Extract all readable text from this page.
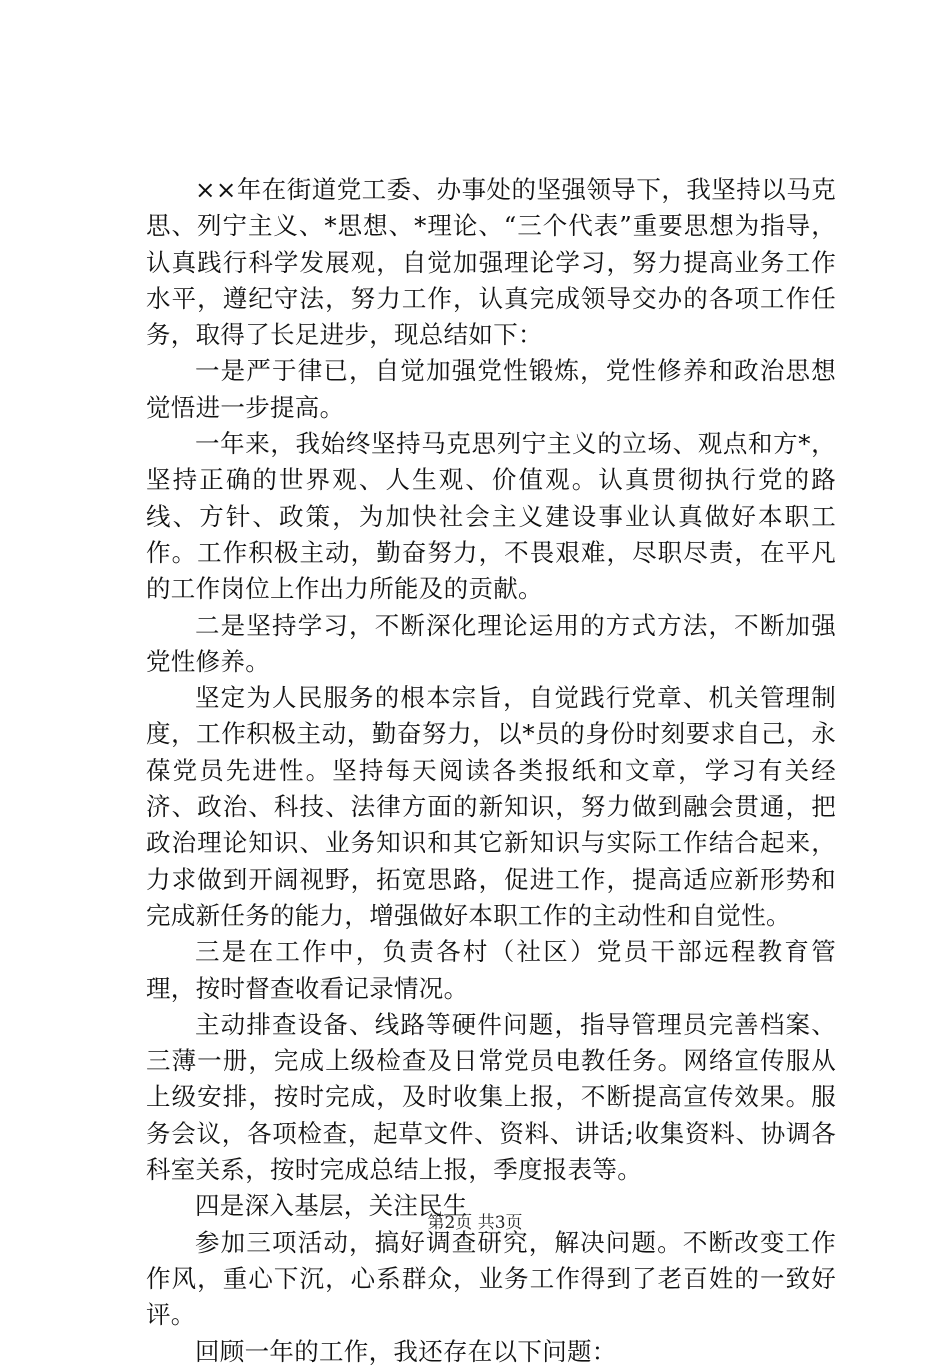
××年在街道党工委、办事处的坚强领导下，我坚持以马克思、列宁主义、*思想、*理论、“三个代表”重要思想为指导，认真践行科学发展观，自觉加强理论学习，努力提高业务工作水平，遵纪守法，努力工作，认真完成领导交办的各项工作任务，取得了长足进步，现总结如下：

一是严于律已，自觉加强党性锻炼，党性修养和政治思想觉悟进一步提高。

一年来，我始终坚持马克思列宁主义的立场、观点和方*，坚持正确的世界观、人生观、价值观。认真贯彻执行党的路线、方针、政策，为加快社会主义建设事业认真做好本职工作。工作积极主动，勤奋努力，不畏艰难，尽职尽责，在平凡的工作岗位上作出力所能及的贡献。

二是坚持学习，不断深化理论运用的方式方法，不断加强党性修养。

坚定为人民服务的根本宗旨，自觉践行党章、机关管理制度，工作积极主动，勤奋努力，以*员的身份时刻要求自己，永葆党员先进性。坚持每天阅读各类报纸和文章，学习有关经济、政治、科技、法律方面的新知识，努力做到融会贯通，把政治理论知识、业务知识和其它新知识与实际工作结合起来，力求做到开阔视野，拓宽思路，促进工作，提高适应新形势和完成新任务的能力，增强做好本职工作的主动性和自觉性。

三是在工作中，负责各村（社区）党员干部远程教育管理，按时督查收看记录情况。

主动排查设备、线路等硬件问题，指导管理员完善档案、三薄一册，完成上级检查及日常党员电教任务。网络宣传服从上级安排，按时完成，及时收集上报，不断提高宣传效果。服务会议，各项检查，起草文件、资料、讲话;收集资料、协调各科室关系，按时完成总结上报，季度报表等。

四是深入基层，关注民生

参加三项活动，搞好调查研究，解决问题。不断改变工作作风，重心下沉，心系群众，业务工作得到了老百姓的一致好评。

回顾一年的工作，我还存在以下问题：

第2页 共3页
